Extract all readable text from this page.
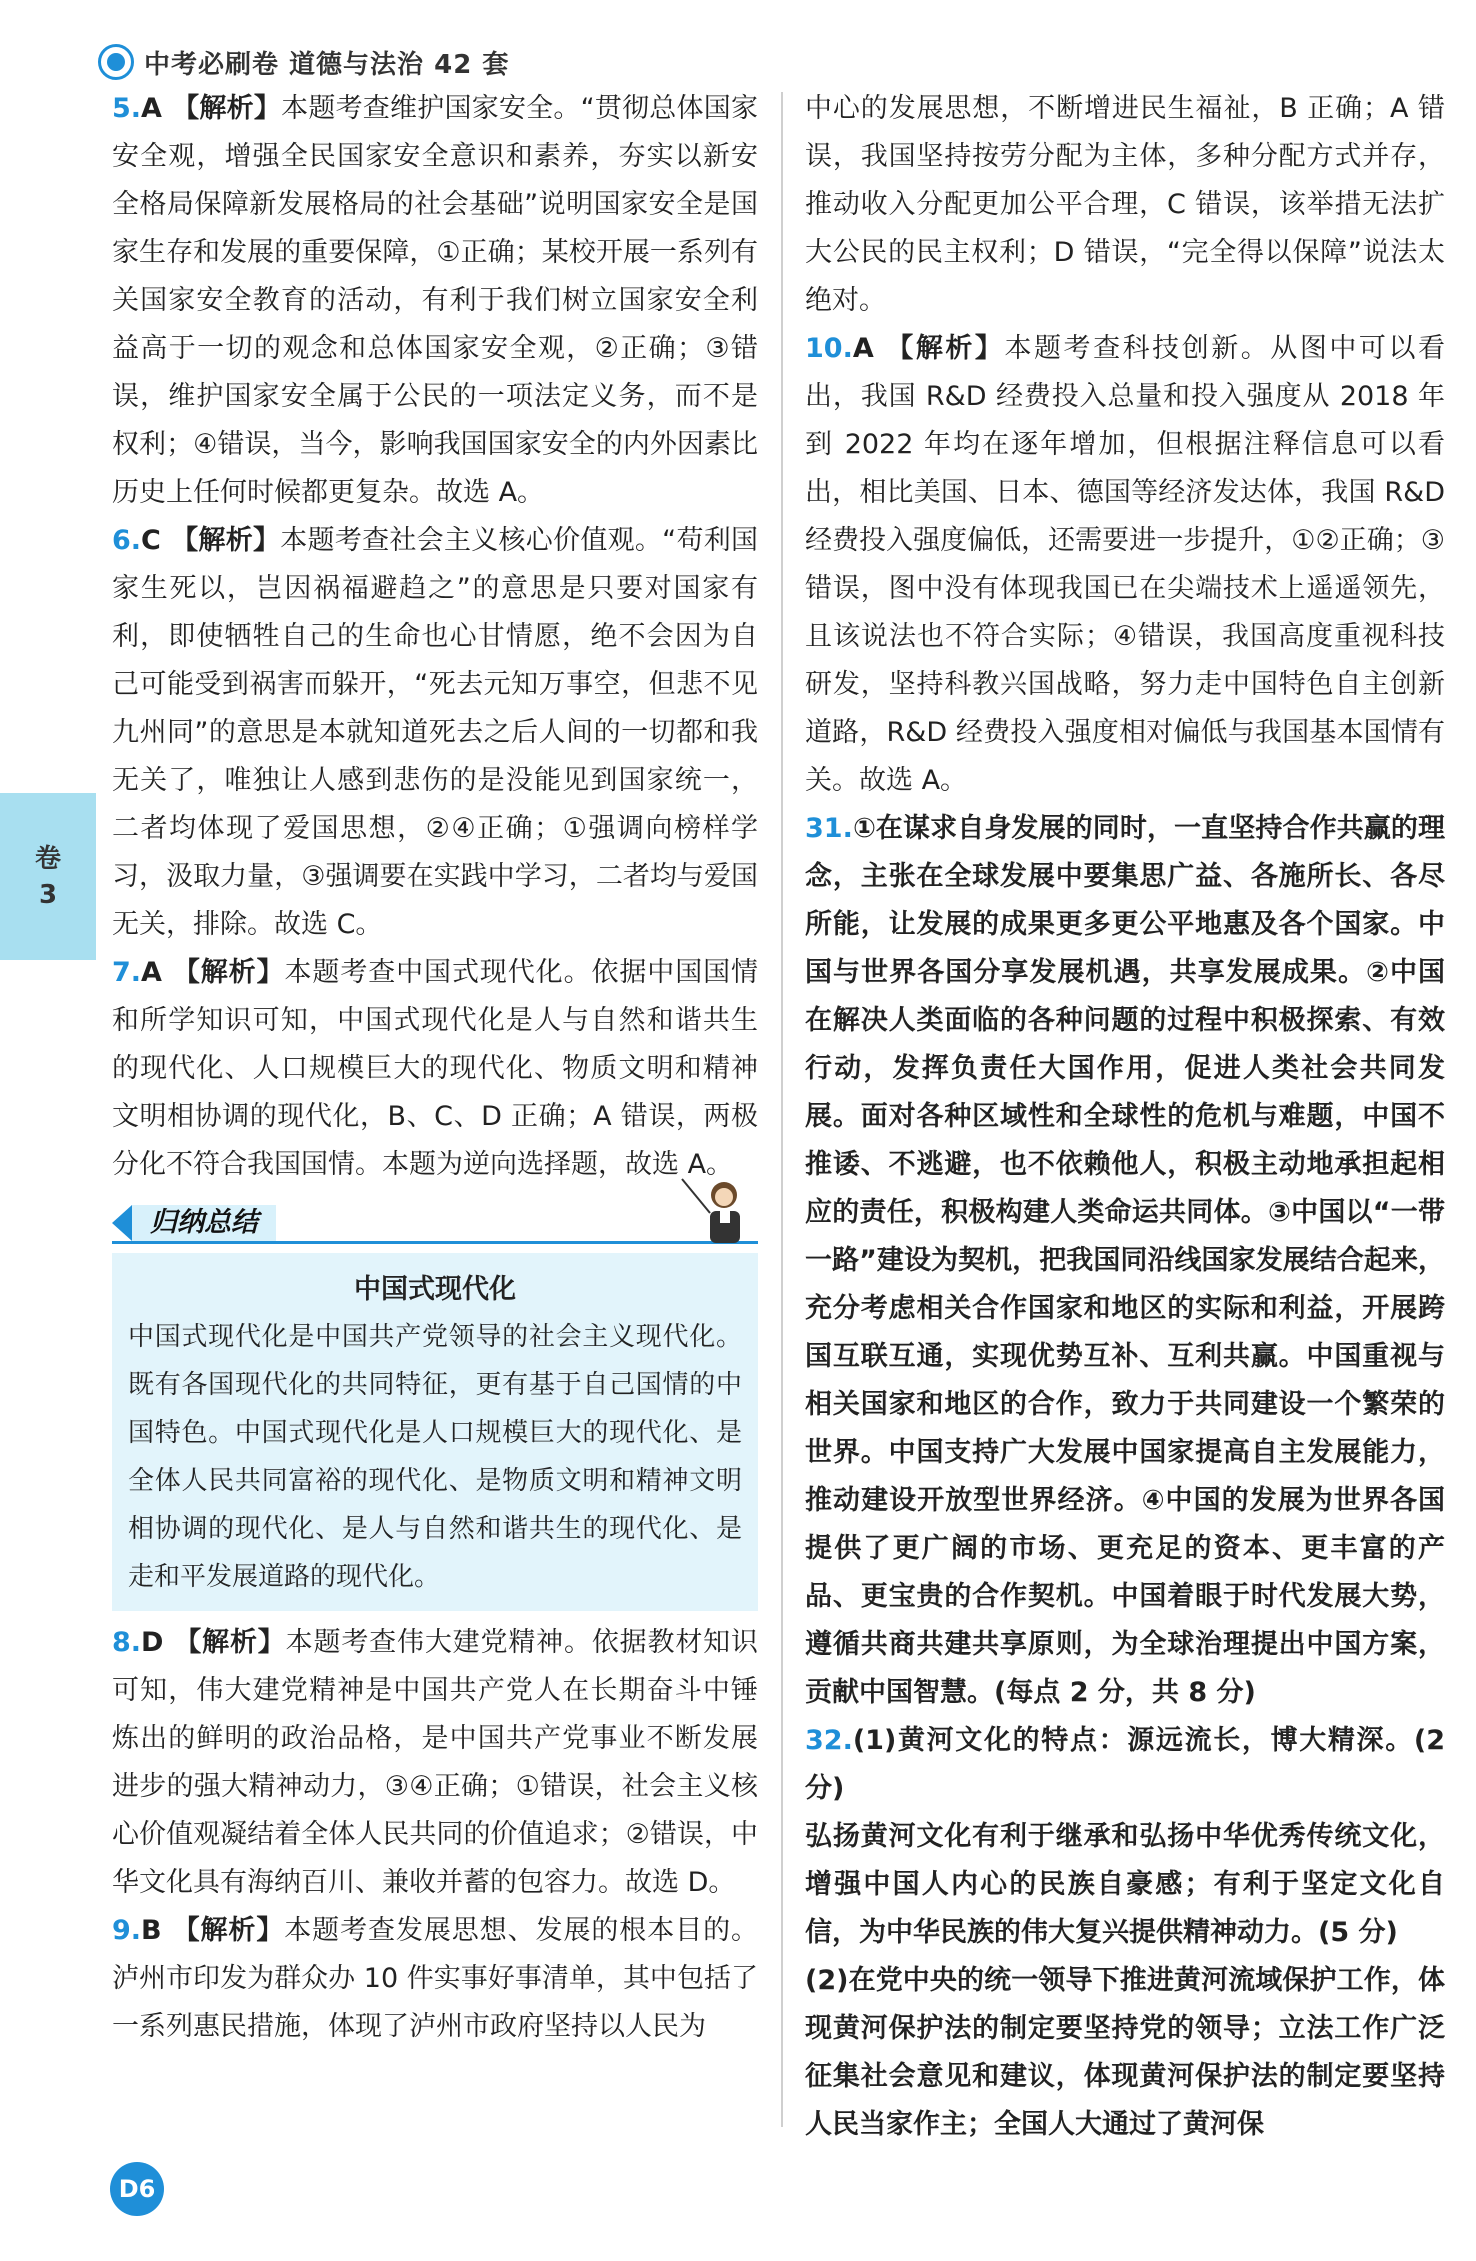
中考必刷卷 道德与法治 42 套
卷
3

5.A 【解析】本题考查维护国家安全。“贯彻总体国家安全观，增强全民国家安全意识和素养，夯实以新安全格局保障新发展格局的社会基础”说明国家安全是国家生存和发展的重要保障，①正确；某校开展一系列有关国家安全教育的活动，有利于我们树立国家安全利益高于一切的观念和总体国家安全观，②正确；③错误，维护国家安全属于公民的一项法定义务，而不是权利；④错误，当今，影响我国国家安全的内外因素比历史上任何时候都更复杂。故选 A。

6.C 【解析】本题考查社会主义核心价值观。“苟利国家生死以，岂因祸福避趋之”的意思是只要对国家有利，即使牺牲自己的生命也心甘情愿，绝不会因为自己可能受到祸害而躲开，“死去元知万事空，但悲不见九州同”的意思是本就知道死去之后人间的一切都和我无关了，唯独让人感到悲伤的是没能见到国家统一，二者均体现了爱国思想，②④正确；①强调向榜样学习，汲取力量，③强调要在实践中学习，二者均与爱国无关，排除。故选 C。

7.A 【解析】本题考查中国式现代化。依据中国国情和所学知识可知，中国式现代化是人与自然和谐共生的现代化、人口规模巨大的现代化、物质文明和精神文明相协调的现代化，B、C、D 正确；A 错误，两极分化不符合我国国情。本题为逆向选择题，故选 A。

归纳总结
中国式现代化
中国式现代化是中国共产党领导的社会主义现代化。既有各国现代化的共同特征，更有基于自己国情的中国特色。中国式现代化是人口规模巨大的现代化、是全体人民共同富裕的现代化、是物质文明和精神文明相协调的现代化、是人与自然和谐共生的现代化、是走和平发展道路的现代化。

8.D 【解析】本题考查伟大建党精神。依据教材知识可知，伟大建党精神是中国共产党人在长期奋斗中锤炼出的鲜明的政治品格，是中国共产党事业不断发展进步的强大精神动力，③④正确；①错误，社会主义核心价值观凝结着全体人民共同的价值追求；②错误，中华文化具有海纳百川、兼收并蓄的包容力。故选 D。

9.B 【解析】本题考查发展思想、发展的根本目的。泸州市印发为群众办 10 件实事好事清单，其中包括了一系列惠民措施，体现了泸州市政府坚持以人民为

中心的发展思想，不断增进民生福祉，B 正确；A 错误，我国坚持按劳分配为主体，多种分配方式并存，推动收入分配更加公平合理，C 错误，该举措无法扩大公民的民主权利；D 错误，“完全得以保障”说法太绝对。

10.A 【解析】本题考查科技创新。从图中可以看出，我国 R&D 经费投入总量和投入强度从 2018 年到 2022 年均在逐年增加，但根据注释信息可以看出，相比美国、日本、德国等经济发达体，我国 R&D 经费投入强度偏低，还需要进一步提升，①②正确；③错误，图中没有体现我国已在尖端技术上遥遥领先，且该说法也不符合实际；④错误，我国高度重视科技研发，坚持科教兴国战略，努力走中国特色自主创新道路，R&D 经费投入强度相对偏低与我国基本国情有关。故选 A。

31.①在谋求自身发展的同时，一直坚持合作共赢的理念，主张在全球发展中要集思广益、各施所长、各尽所能，让发展的成果更多更公平地惠及各个国家。中国与世界各国分享发展机遇，共享发展成果。②中国在解决人类面临的各种问题的过程中积极探索、有效行动，发挥负责任大国作用，促进人类社会共同发展。面对各种区域性和全球性的危机与难题，中国不推诿、不逃避，也不依赖他人，积极主动地承担起相应的责任，积极构建人类命运共同体。③中国以“一带一路”建设为契机，把我国同沿线国家发展结合起来，充分考虑相关合作国家和地区的实际和利益，开展跨国互联互通，实现优势互补、互利共赢。中国重视与相关国家和地区的合作，致力于共同建设一个繁荣的世界。中国支持广大发展中国家提高自主发展能力，推动建设开放型世界经济。④中国的发展为世界各国提供了更广阔的市场、更充足的资本、更丰富的产品、更宝贵的合作契机。中国着眼于时代发展大势，遵循共商共建共享原则，为全球治理提出中国方案，贡献中国智慧。(每点 2 分，共 8 分)

32.(1)黄河文化的特点：源远流长，博大精深。(2 分)

弘扬黄河文化有利于继承和弘扬中华优秀传统文化，增强中国人内心的民族自豪感；有利于坚定文化自信，为中华民族的伟大复兴提供精神动力。(5 分)

(2)在党中央的统一领导下推进黄河流域保护工作，体现黄河保护法的制定要坚持党的领导；立法工作广泛征集社会意见和建议，体现黄河保护法的制定要坚持人民当家作主；全国人大通过了黄河保

D6
